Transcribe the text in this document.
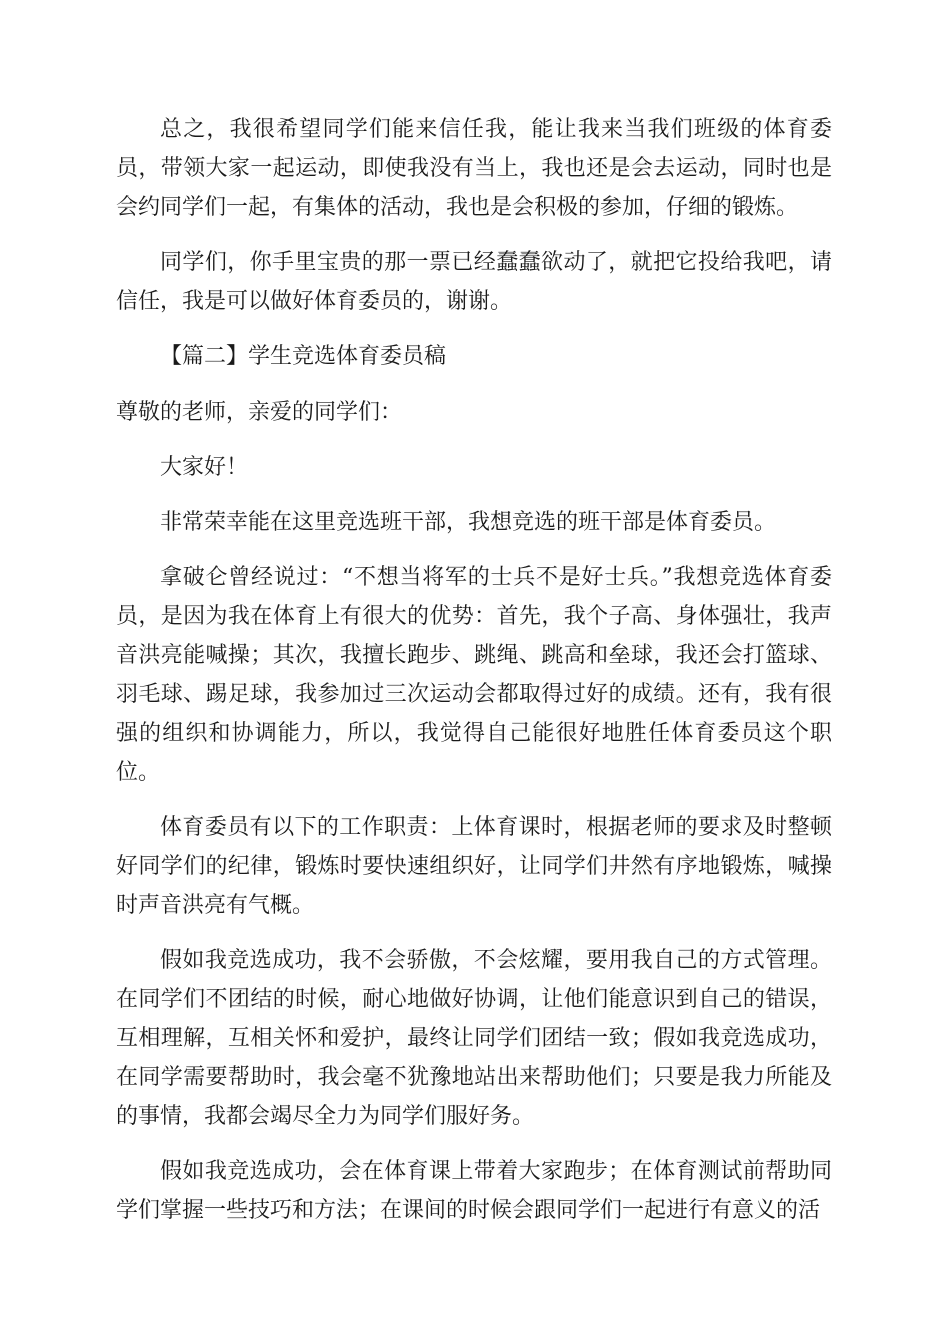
总之，我很希望同学们能来信任我，能让我来当我们班级的体育委员，带领大家一起运动，即使我没有当上，我也还是会去运动，同时也是会约同学们一起，有集体的活动，我也是会积极的参加，仔细的锻炼。

同学们，你手里宝贵的那一票已经蠢蠢欲动了，就把它投给我吧，请信任，我是可以做好体育委员的，谢谢。

【篇二】学生竞选体育委员稿

尊敬的老师，亲爱的同学们：

大家好！

非常荣幸能在这里竞选班干部，我想竞选的班干部是体育委员。

拿破仑曾经说过：“不想当将军的士兵不是好士兵。”我想竞选体育委员，是因为我在体育上有很大的优势：首先，我个子高、身体强壮，我声音洪亮能喊操；其次，我擅长跑步、跳绳、跳高和垒球，我还会打篮球、羽毛球、踢足球，我参加过三次运动会都取得过好的成绩。还有，我有很强的组织和协调能力，所以，我觉得自己能很好地胜任体育委员这个职位。

体育委员有以下的工作职责：上体育课时，根据老师的要求及时整顿好同学们的纪律，锻炼时要快速组织好，让同学们井然有序地锻炼，喊操时声音洪亮有气概。

假如我竞选成功，我不会骄傲，不会炫耀，要用我自己的方式管理。在同学们不团结的时候，耐心地做好协调，让他们能意识到自己的错误，互相理解，互相关怀和爱护，最终让同学们团结一致；假如我竞选成功，在同学需要帮助时，我会毫不犹豫地站出来帮助他们；只要是我力所能及的事情，我都会竭尽全力为同学们服好务。

假如我竞选成功，会在体育课上带着大家跑步；在体育测试前帮助同学们掌握一些技巧和方法；在课间的时候会跟同学们一起进行有意义的活
